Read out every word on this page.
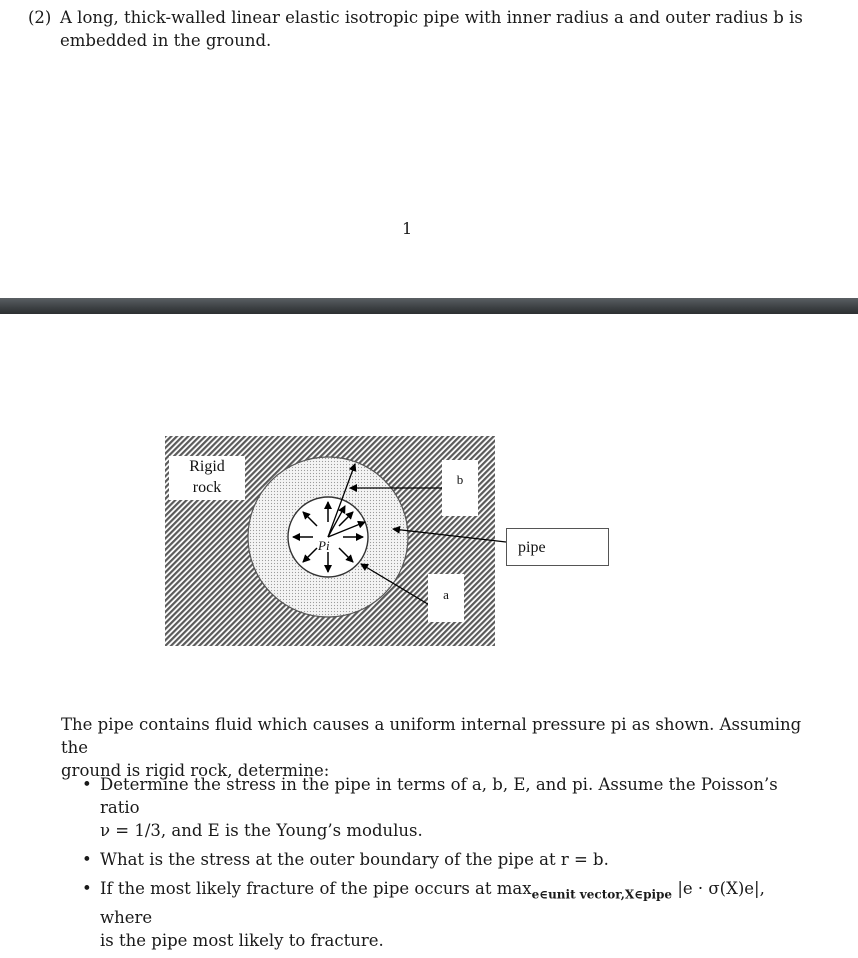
(2) A long, thick-walled linear elastic isotropic pipe with inner radius a and outer radius b is
embedded in the ground.
1
Rigid
rock	b
a
pipe
Pi
The pipe contains fluid which causes a uniform internal pressure pi as shown. Assuming the
ground is rigid rock, determine:
• Determine the stress in the pipe in terms of a, b, E, and pi. Assume the Poisson’s ratio
ν = 1/3, and E is the Young’s modulus.
• What is the stress at the outer boundary of the pipe at r = b.
• If the most likely fracture of the pipe occurs at $\max_{e\in unit vector,X\in pipe} |e \cdot \sigma(X)e|$, where
is the pipe most likely to fracture.
